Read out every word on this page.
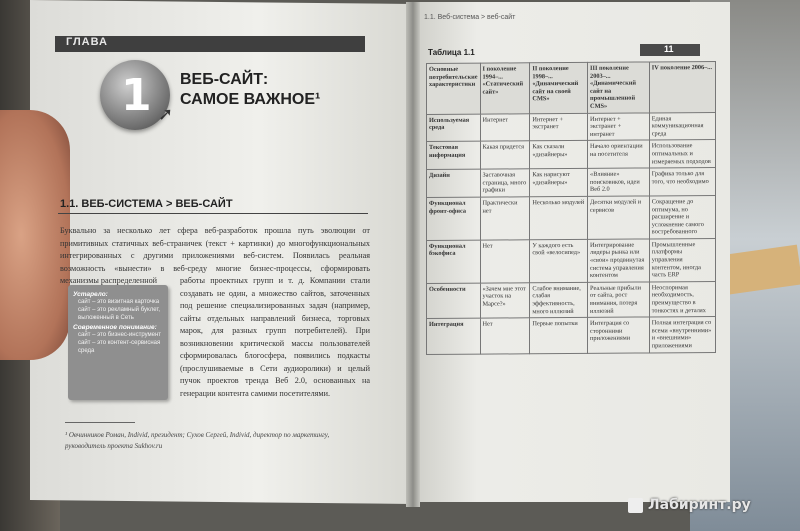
ГЛАВА
1 ➚
ВЕБ-САЙТ:
САМОЕ ВАЖНОЕ¹
1.1. ВЕБ-СИСТЕМА > ВЕБ-САЙТ
Буквально за несколько лет сфера веб-разработок прошла путь эволюции от примитивных статичных веб-страничек (текст + картинки) до многофункциональных интегрированных с другими приложениями веб-систем. Появилась реальная возможность «вынести» в веб-среду многие бизнес-процессы, сформировать механизмы распределенной	работы проектных групп и т. д. Компании стали создавать не один, а множество сайтов, заточенных под решение специализированных задач (например, сайты отдельных направлений бизнеса, торговых марок, для разных групп потребителей). При возникновении критической массы пользователей сформировалась блогосфера, появились подкасты (прослушиваемые в Сети аудиоролики) и целый пучок проектов тренда Веб 2.0, основанных на генерации контента самими посетителями.
Устарело:
сайт – это визитная карточка
сайт – это рекламный буклет, выложенный в Сеть
Современное понимание:
сайт – это бизнес-инструмент
сайт – это контент-сервисная среда
¹ Овчинников Роман, Individ, президент; Сухов Сергей, Individ, директор по маркетингу, руководитель проекта Sukhov.ru
1.1. Веб-система > веб-сайт
11
Таблица 1.1
Основные потребительские характеристики	I поколение 1994–... «Статический сайт»	II поколение 1998–... «Динамический сайт на своей CMS»	III поколение 2003–... «Динамический сайт на промышленной CMS»	IV поколение 2006–...
Используемая среда	Интернет	Интернет + экстранет	Интернет + экстранет + интранет	Единая коммуникационная среда
Текстовая информация	Какая придется	Как сказали «дизайнеры»	Начало ориентации на посетителя	Использование оптимальных и измеряемых подходов
Дизайн	Заставочная страница, много графики	Как нарисуют «дизайнеры»	«Влияние» поисковиков, идеи Веб 2.0	Графика только для того, что необходимо
Функционал фронт-офиса	Практически нет	Несколько модулей	Десятки модулей и сервисов	Сокращение до оптимума, но расширение и усложнение самого востребованного
Функционал бэкофиса	Нет	У каждого есть свой «велосипед»	Интегрирование лидеры рынка или «свои» продвинутая система управления контентом	Промышленные платформы управления контентом, иногда часть ERP
Особенности	«Зачем мне этот участок на Марсе?»	Слабое внимание, слабая эффективность, много иллюзий	Реальные прибыли от сайта, рост внимания, потеря иллюзий	Неоспоримая необходимость, преимущество в тонкостях и деталях
Интеграция	Нет	Первые попытки	Интеграция со сторонними приложениями	Полная интеграция со всеми «внутренними» и «внешними» приложениями
Лабиринт.ру
